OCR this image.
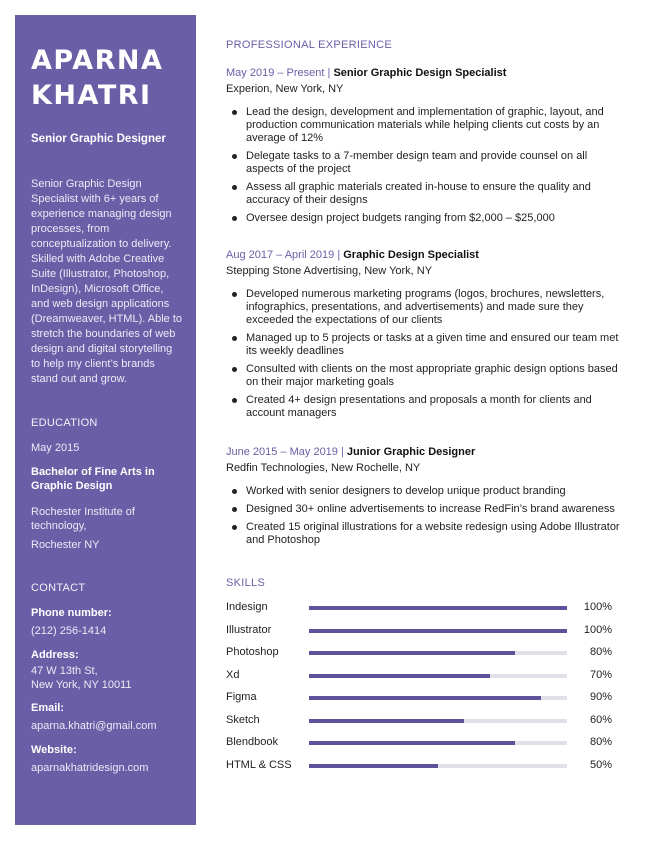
APARNA
KHATRI
Senior Graphic Designer

Senior Graphic Design Specialist with 6+ years of experience managing design processes, from conceptualization to delivery. Skilled with Adobe Creative Suite (Illustrator, Photoshop, InDesign), Microsoft Office, and web design applications (Dreamweaver, HTML). Able to stretch the boundaries of web design and digital storytelling to help my client’s brands stand out and grow.

EDUCATION
May 2015
Bachelor of Fine Arts in Graphic Design
Rochester Institute of technology,
Rochester NY
CONTACT
Phone number:
(212) 256-1414
Address:
47 W 13th St,
New York, NY 10011
Email:
aparna.khatri@gmail.com
Website:
aparnakhatridesign.com
PROFESSIONAL EXPERIENCE
May 2019 – Present | Senior Graphic Design Specialist
Experion, New York, NY
Lead the design, development and implementation of graphic, layout, and production communication materials while helping clients cut costs by an average of 12%
Delegate tasks to a 7-member design team and provide counsel on all aspects of the project
Assess all graphic materials created in-house to ensure the quality and accuracy of their designs
Oversee design project budgets ranging from $2,000 – $25,000
Aug 2017 – April 2019 | Graphic Design Specialist
Stepping Stone Advertising, New York, NY
Developed numerous marketing programs (logos, brochures, newsletters, infographics, presentations, and advertisements) and made sure they exceeded the expectations of our clients
Managed up to 5 projects or tasks at a given time and ensured our team met its weekly deadlines
Consulted with clients on the most appropriate graphic design options based on their major marketing goals
Created 4+ design presentations and proposals a month for clients and account managers
June 2015 – May 2019 | Junior Graphic Designer
Redfin Technologies, New Rochelle, NY
Worked with senior designers to develop unique product branding
Designed 30+ online advertisements to increase RedFin’s brand awareness
Created 15 original illustrations for a website redesign using Adobe Illustrator and Photoshop
SKILLS
Indesign	100%
Illustrator	100%
Photoshop	80%
Xd	70%
Figma	90%
Sketch	60%
Blendbook	80%
HTML & CSS	50%
